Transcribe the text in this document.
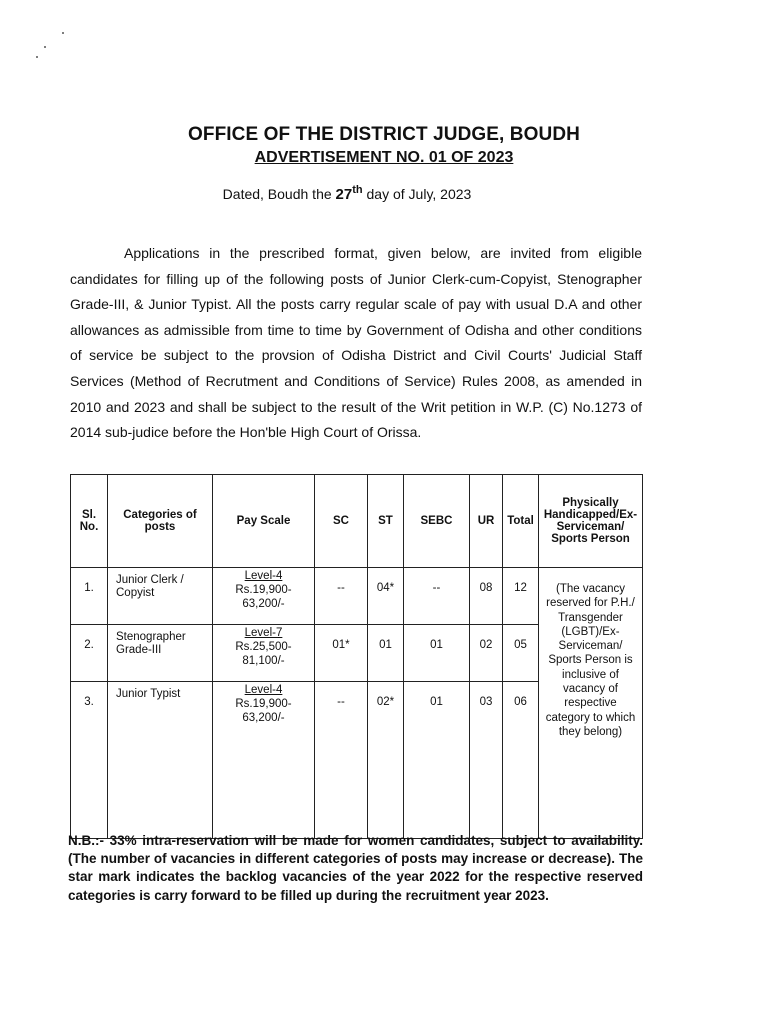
OFFICE OF THE DISTRICT JUDGE, BOUDH
ADVERTISEMENT NO. 01 OF 2023
Dated, Boudh the 27th day of July, 2023

Applications in the prescribed format, given below, are invited from eligible candidates for filling up of the following posts of Junior Clerk-cum-Copyist, Stenographer Grade-III, & Junior Typist. All the posts carry regular scale of pay with usual D.A and other allowances as admissible from time to time by Government of Odisha and other conditions of service be subject to the provsion of Odisha District and Civil Courts' Judicial Staff Services (Method of Recrutment and Conditions of Service) Rules 2008, as amended in 2010 and 2023 and shall be subject to the result of the Writ petition in W.P. (C) No.1273 of 2014 sub-judice before the Hon'ble High Court of Orissa.

Sl. No.	Categories of posts	Pay Scale	SC	ST	SEBC	UR	Total	Physically Handicapped/Ex-Serviceman/ Sports Person
1.	Junior Clerk / Copyist	Level-4
Rs.19,900-63,200/-	--	04*	--	08	12	(The vacancy reserved for P.H./ Transgender (LGBT)/Ex-Serviceman/ Sports Person is inclusive of vacancy of respective category to which they belong)
2.	Stenographer Grade-III	Level-7
Rs.25,500-81,100/-	01*	01	01	02	05	
3.	Junior Typist	Level-4
Rs.19,900-63,200/-	--	02*	01	03	06	

N.B.:- 33% intra-reservation will be made for women candidates, subject to availability. (The number of vacancies in different categories of posts may increase or decrease). The star mark indicates the backlog vacancies of the year 2022 for the respective reserved categories is carry forward to be filled up during the recruitment year 2023.
